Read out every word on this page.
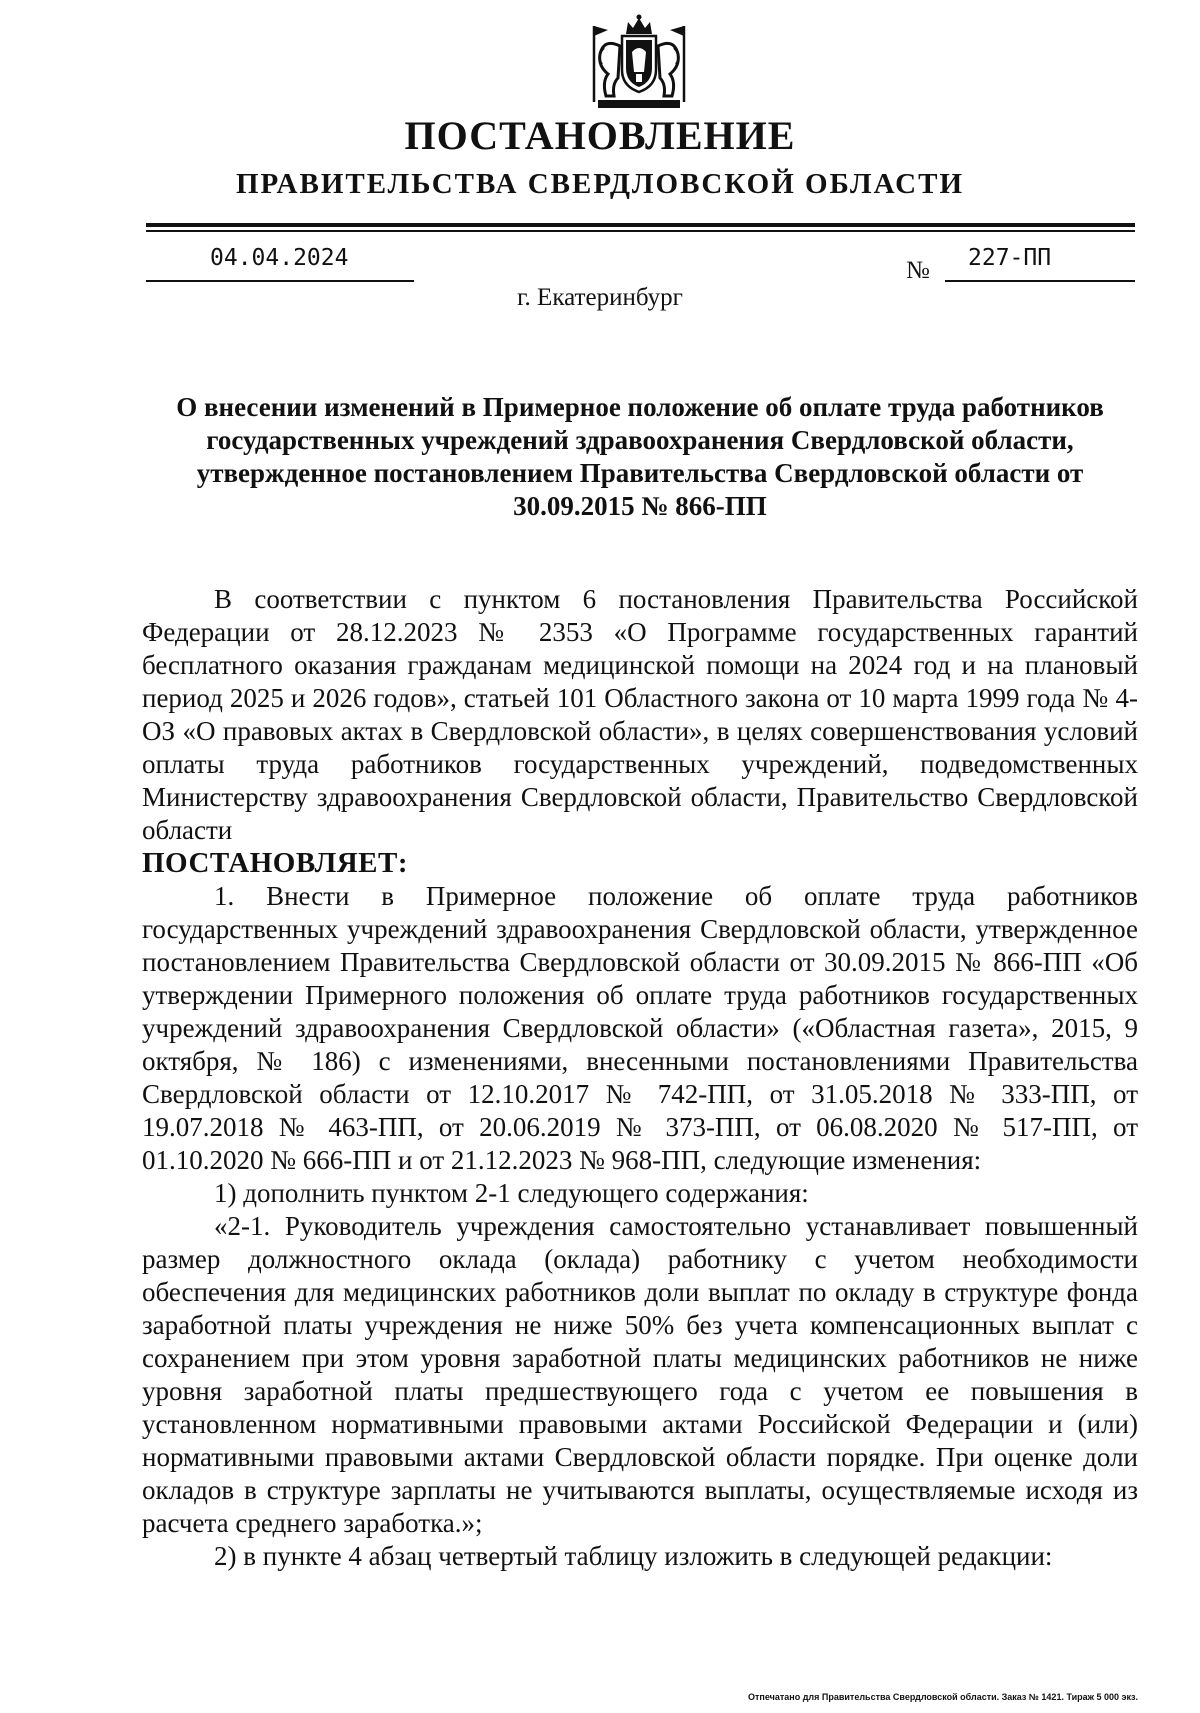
ПОСТАНОВЛЕНИЕ
ПРАВИТЕЛЬСТВА СВЕРДЛОВСКОЙ ОБЛАСТИ
04.04.2024	№ 227-ПП
г. Екатеринбург
О внесении изменений в Примерное положение об оплате труда работников государственных учреждений здравоохранения Свердловской области, утвержденное постановлением Правительства Свердловской области от 30.09.2015 № 866-ПП

В соответствии с пунктом 6 постановления Правительства Российской Федерации от 28.12.2023 № 2353 «О Программе государственных гарантий бесплатного оказания гражданам медицинской помощи на 2024 год и на плановый период 2025 и 2026 годов», статьей 101 Областного закона от 10 марта 1999 года № 4-ОЗ «О правовых актах в Свердловской области», в целях совершенствования условий оплаты труда работников государственных учреждений, подведомственных Министерству здравоохранения Свердловской области, Правительство Свердловской области

ПОСТАНОВЛЯЕТ:

1. Внести в Примерное положение об оплате труда работников государственных учреждений здравоохранения Свердловской области, утвержденное постановлением Правительства Свердловской области от 30.09.2015 № 866-ПП «Об утверждении Примерного положения об оплате труда работников государственных учреждений здравоохранения Свердловской области» («Областная газета», 2015, 9 октября, № 186) с изменениями, внесенными постановлениями Правительства Свердловской области от 12.10.2017 № 742-ПП, от 31.05.2018 № 333-ПП, от 19.07.2018 № 463-ПП, от 20.06.2019 № 373-ПП, от 06.08.2020 № 517-ПП, от 01.10.2020 № 666-ПП и от 21.12.2023 № 968-ПП, следующие изменения:

1) дополнить пунктом 2-1 следующего содержания:

«2-1. Руководитель учреждения самостоятельно устанавливает повышенный размер должностного оклада (оклада) работнику с учетом необходимости обеспечения для медицинских работников доли выплат по окладу в структуре фонда заработной платы учреждения не ниже 50% без учета компенсационных выплат с сохранением при этом уровня заработной платы медицинских работников не ниже уровня заработной платы предшествующего года с учетом ее повышения в установленном нормативными правовыми актами Российской Федерации и (или) нормативными правовыми актами Свердловской области порядке. При оценке доли окладов в структуре зарплаты не учитываются выплаты, осуществляемые исходя из расчета среднего заработка.»;

2) в пункте 4 абзац четвертый таблицу изложить в следующей редакции:

Отпечатано для Правительства Свердловской области. Заказ № 1421. Тираж 5 000 экз.
